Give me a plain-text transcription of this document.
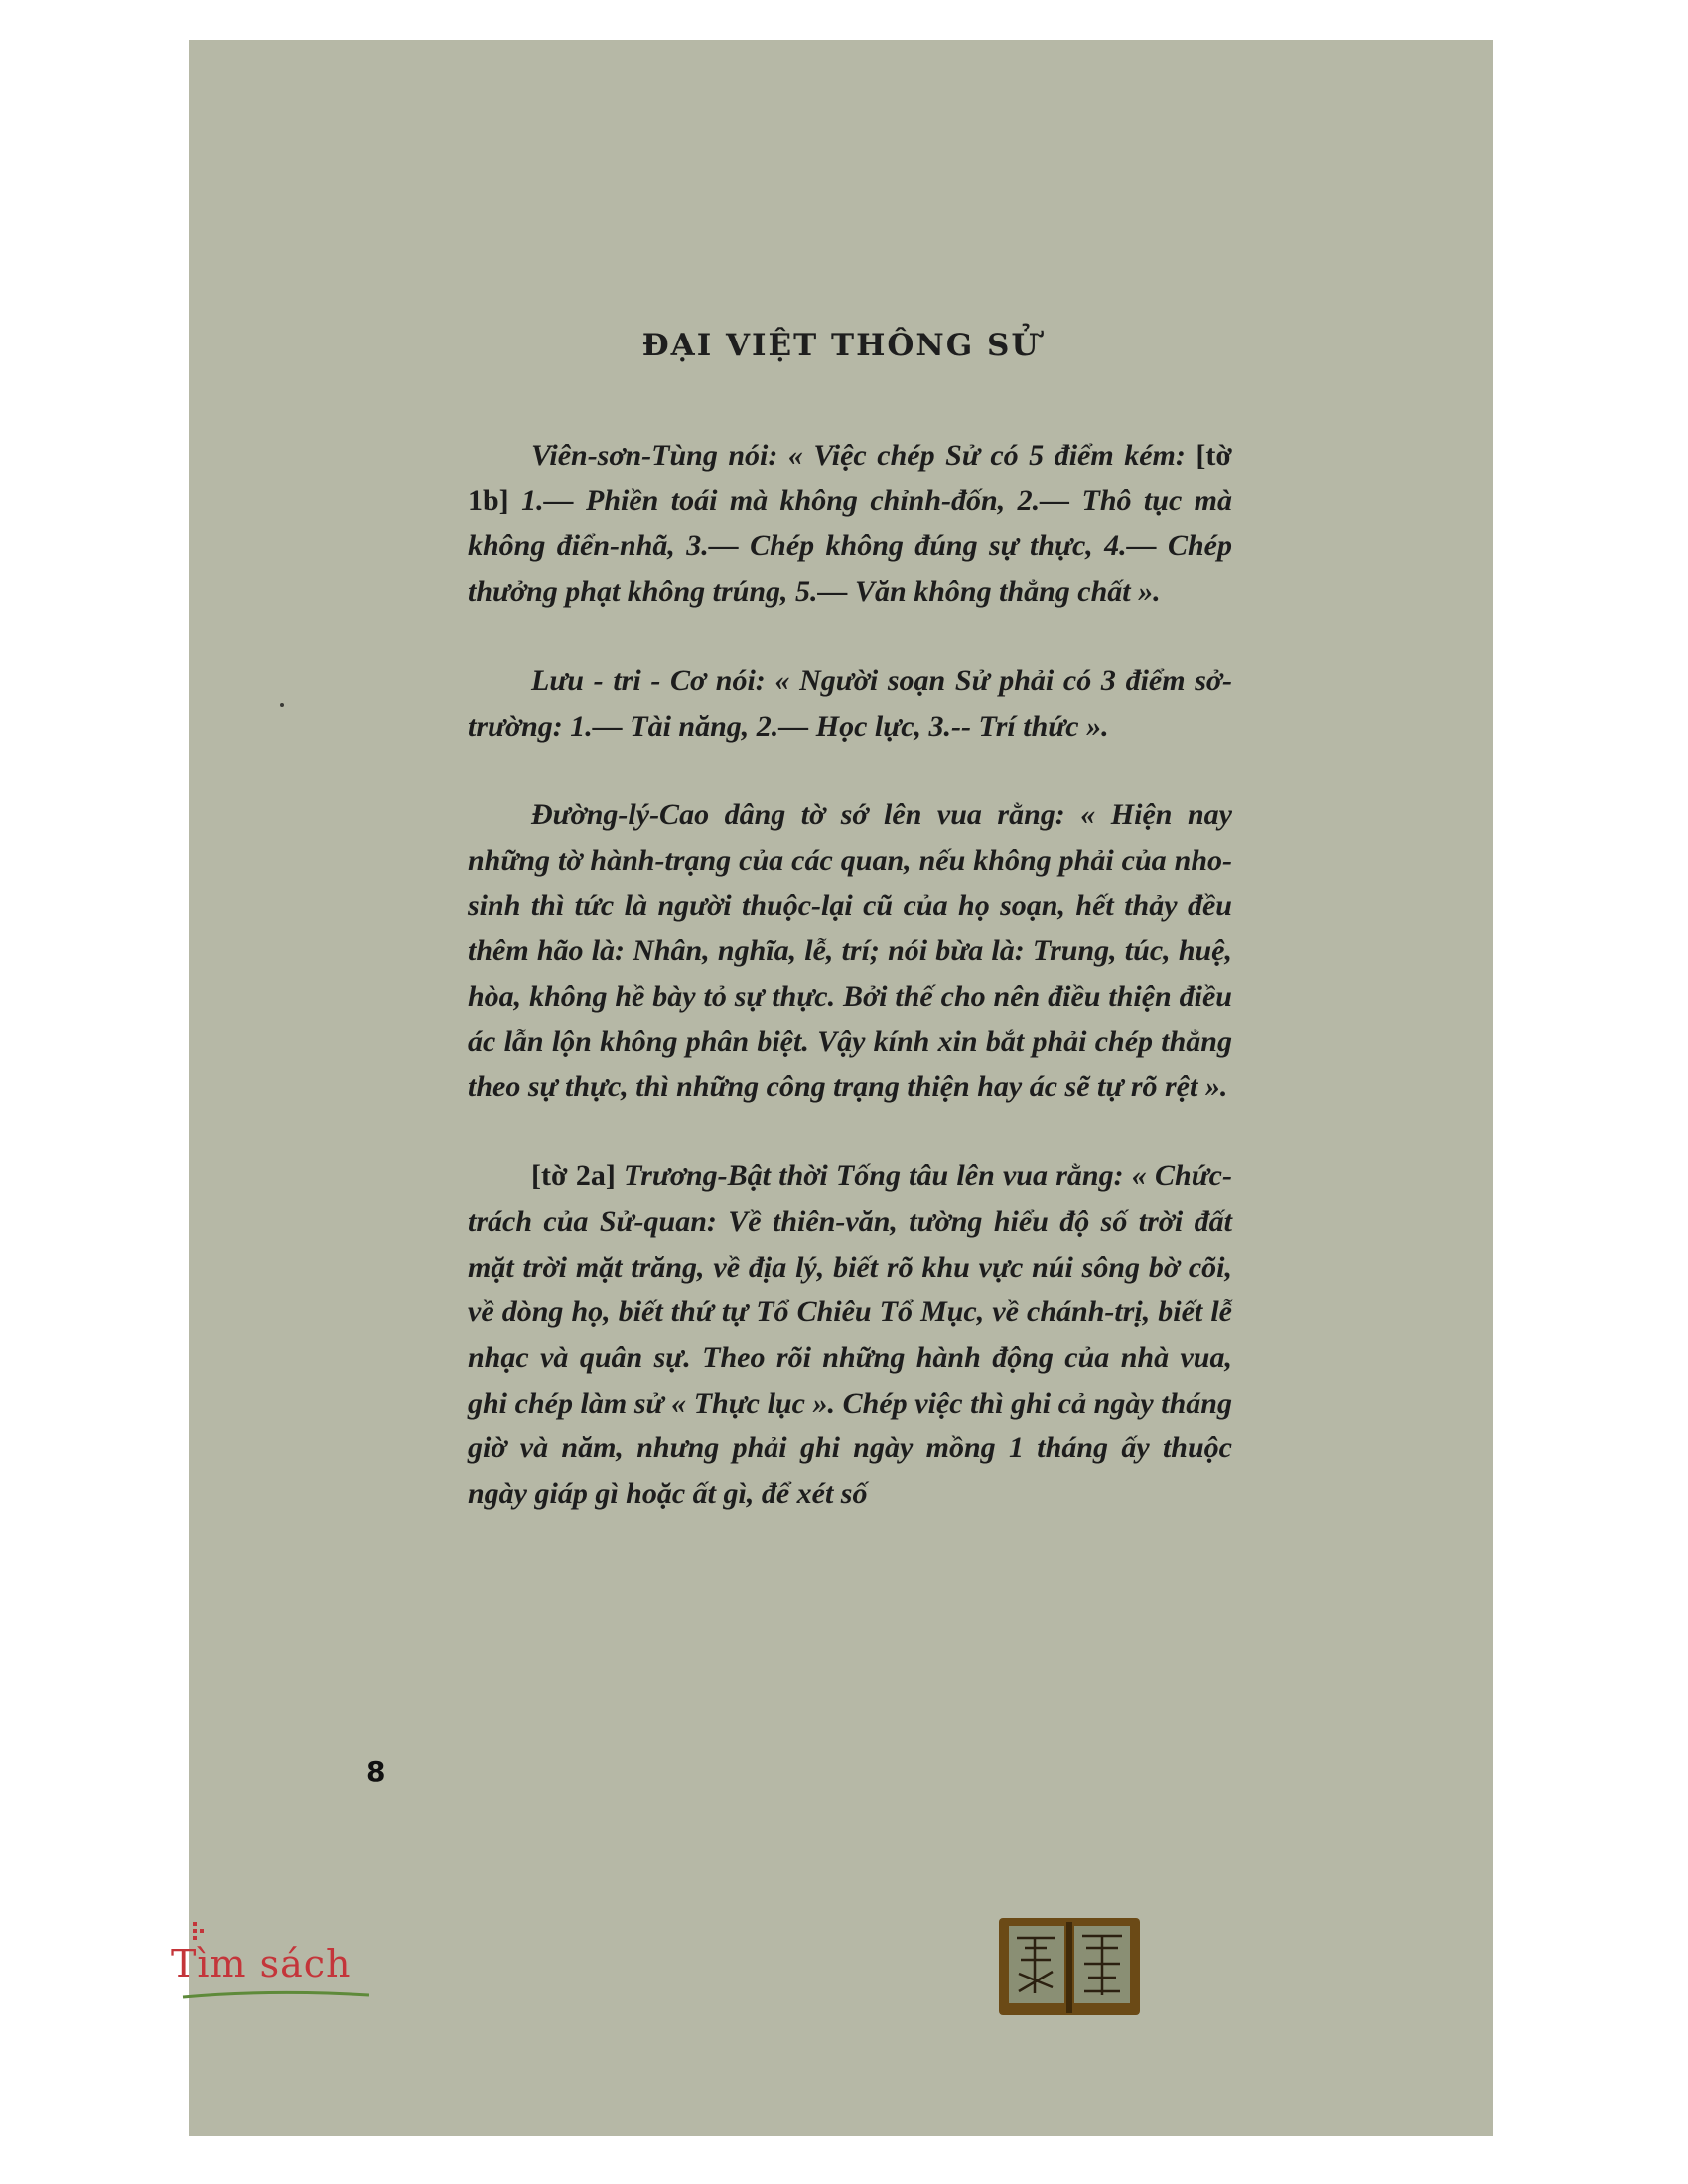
ĐẠI VIỆT THÔNG SỬ

Viên-sơn-Tùng nói: « Việc chép Sử có 5 điểm kém: [tờ 1b] 1.— Phiền toái mà không chỉnh-đốn, 2.— Thô tục mà không điển-nhã, 3.— Chép không đúng sự thực, 4.— Chép thưởng phạt không trúng, 5.— Văn không thẳng chất ».

Lưu - tri - Cơ nói: « Người soạn Sử phải có 3 điểm sở-trường: 1.— Tài năng, 2.— Học lực, 3.-- Trí thức ».

Đường-lý-Cao dâng tờ sớ lên vua rằng: « Hiện nay những tờ hành-trạng của các quan, nếu không phải của nho-sinh thì tức là người thuộc-lại cũ của họ soạn, hết thảy đều thêm hão là: Nhân, nghĩa, lễ, trí; nói bừa là: Trung, túc, huệ, hòa, không hề bày tỏ sự thực. Bởi thế cho nên điều thiện điều ác lẫn lộn không phân biệt. Vậy kính xin bắt phải chép thẳng theo sự thực, thì những công trạng thiện hay ác sẽ tự rõ rệt ».

[tờ 2a] Trương-Bật thời Tống tâu lên vua rằng: « Chức-trách của Sử-quan: Về thiên-văn, tường hiểu độ số trời đất mặt trời mặt trăng, về địa lý, biết rõ khu vực núi sông bờ cõi, về dòng họ, biết thứ tự Tổ Chiêu Tổ Mục, về chánh-trị, biết lễ nhạc và quân sự. Theo rõi những hành động của nhà vua, ghi chép làm sử « Thực lục ». Chép việc thì ghi cả ngày tháng giờ và năm, nhưng phải ghi ngày mồng 1 tháng ấy thuộc ngày giáp gì hoặc ất gì, để xét số

8
Tìm sách
